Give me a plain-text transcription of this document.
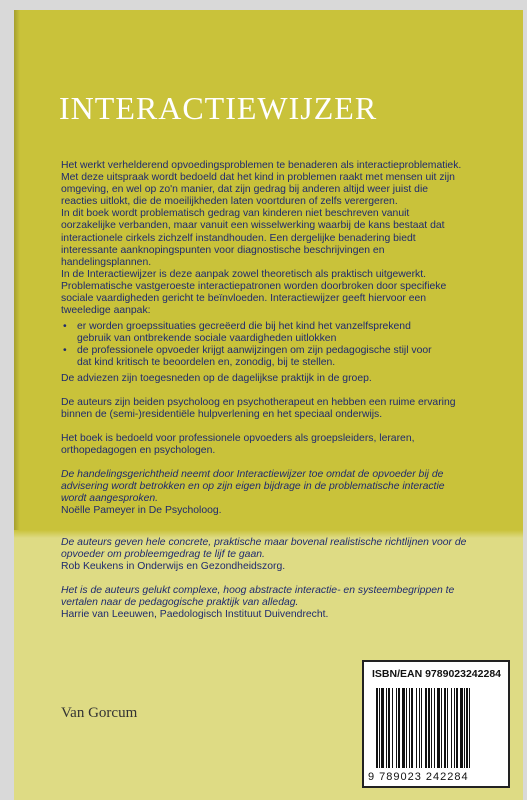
INTERACTIEWIJZER

Het werkt verhelderend opvoedingsproblemen te benaderen als interactieproblematiek.

Met deze uitspraak wordt bedoeld dat het kind in problemen raakt met mensen uit zijn

omgeving, en wel op zo'n manier, dat zijn gedrag bij anderen altijd weer juist die

reacties uitlokt, die de moeilijkheden laten voortduren of zelfs verergeren.

In dit boek wordt problematisch gedrag van kinderen niet beschreven vanuit

oorzakelijke verbanden, maar vanuit een wisselwerking waarbij de kans bestaat dat

interactionele cirkels zichzelf instandhouden. Een dergelijke benadering biedt

interessante aanknopingspunten voor diagnostische beschrijvingen en

handelingsplannen.

In de Interactiewijzer is deze aanpak zowel theoretisch als praktisch uitgewerkt.

Problematische vastgeroeste interactiepatronen worden doorbroken door specifieke

sociale vaardigheden gericht te beïnvloeden. Interactiewijzer geeft hiervoor een

tweeledige aanpak:

• er worden groepssituaties gecreëerd die bij het kind het vanzelfsprekend

gebruik van ontbrekende sociale vaardigheden uitlokken

• de professionele opvoeder krijgt aanwijzingen om zijn pedagogische stijl voor

dat kind kritisch te beoordelen en, zonodig, bij te stellen.

De adviezen zijn toegesneden op de dagelijkse praktijk in de groep.

De auteurs zijn beiden psycholoog en psychotherapeut en hebben een ruime ervaring

binnen de (semi-)residentiële hulpverlening en het speciaal onderwijs.

Het boek is bedoeld voor professionele opvoeders als groepsleiders, leraren,

orthopedagogen en psychologen.

De handelingsgerichtheid neemt door Interactiewijzer toe omdat de opvoeder bij de

advisering wordt betrokken en op zijn eigen bijdrage in de problematische interactie

wordt aangesproken.

Noëlle Pameyer in De Psycholoog.

De auteurs geven hele concrete, praktische maar bovenal realistische richtlijnen voor de

opvoeder om probleemgedrag te lijf te gaan.

Rob Keukens in Onderwijs en Gezondheidszorg.

Het is de auteurs gelukt complexe, hoog abstracte interactie- en systeembegrippen te

vertalen naar de pedagogische praktijk van alledag.

Harrie van Leeuwen, Paedologisch Instituut Duivendrecht.

Van Gorcum
ISBN/EAN 9789023242284
9 789023 242284
